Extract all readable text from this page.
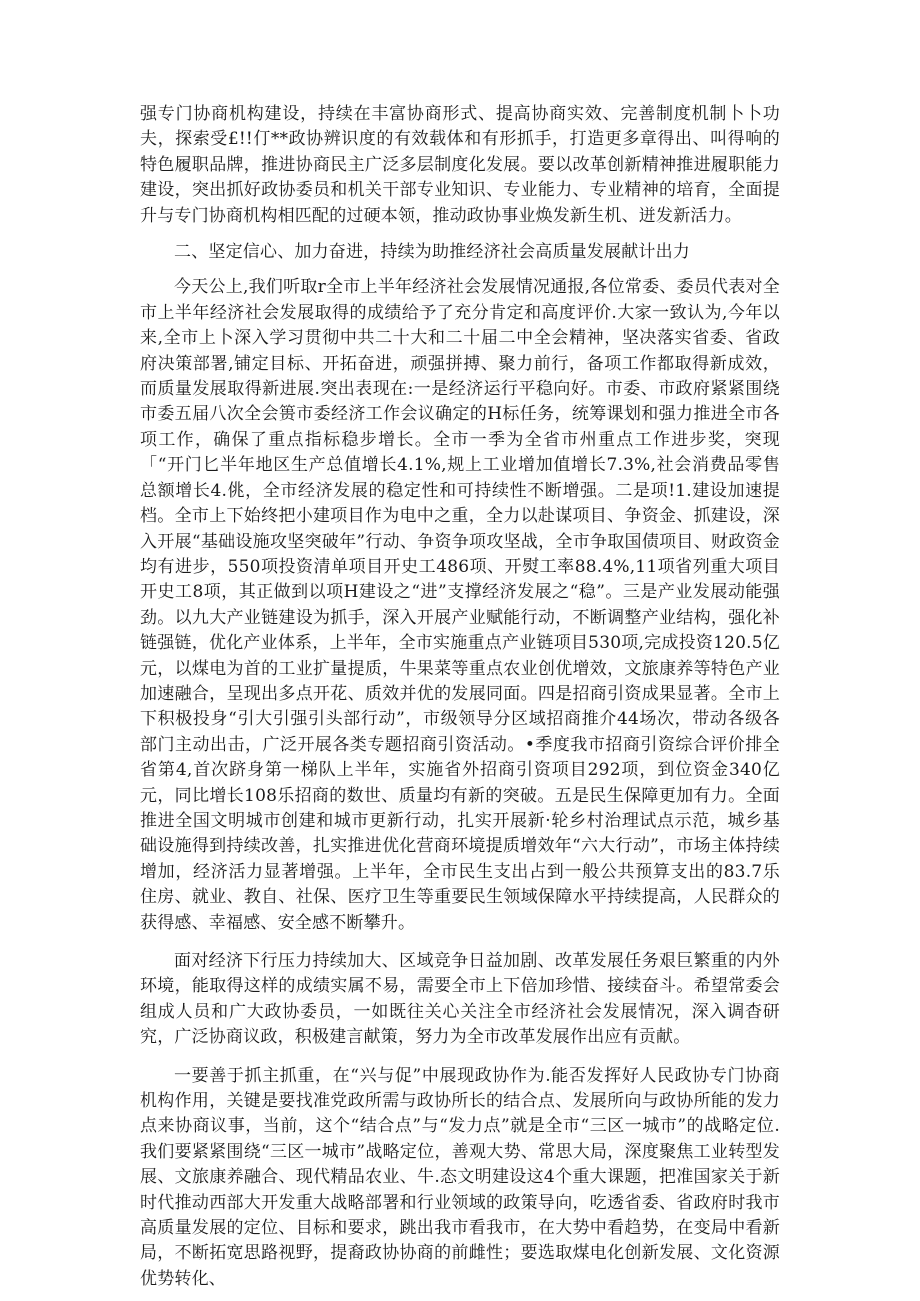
强专门协商机构建设，持续在丰富协商形式、提高协商实效、完善制度机制卜卜功夫，探索受£!!仃**政协辨识度的有效载体和有形抓手，打造更多章得出、叫得响的特色履职品牌，推进协商民主广泛多层制度化发展。要以改革创新精神推进履职能力建设，突出抓好政协委员和机关干部专业知识、专业能力、专业精神的培育，全面提升与专门协商机构相匹配的过硬本领，推动政协事业焕发新生机、迸发新活力。

二、坚定信心、加力奋进，持续为助推经济社会高质量发展献计出力

今天公上,我们听取r全市上半年经济社会发展情况通报,各位常委、委员代表对全市上半年经济社会发展取得的成绩给予了充分肯定和高度评价.大家一致认为,今年以来,全市上卜深入学习贯彻中共二十大和二十届二中全会精神，坚决落实省委、省政府决策部署,铺定目标、开拓奋进，顽强拼搏、聚力前行，备项工作都取得新成效，而质量发展取得新进展.突出表现在:一是经济运行平稳向好。市委、市政府紧紧围绕市委五届八次全会篑市委经济工作会议确定的H标任务，统筹课划和强力推进全市各项工作，确保了重点指标稳步增长。全市一季为全省市州重点工作进步奖，突现「“开门匕半年地区生产总值增长4.1%,规上工业增加值增长7.3%,社会消费品零售总额增长4.佻，全市经济发展的稳定性和可持续性不断增强。二是项!1.建设加速提档。全市上下始终把小建项目作为电中之重，全力以赴谋项目、争资金、抓建设，深入开展“基础设施攻坚突破年”行动、争资争项攻坚战，全市争取国债项目、财政资金均有进步，550项投资清单项目开史工486项、开熨工率88.4%,11项省列重大项目开史工8项，其正做到以项H建设之“进”支撑经济发展之“稳”。三是产业发展动能强劲。以九大产业链建设为抓手，深入开展产业赋能行动，不断调整产业结构，强化补链强链，优化产业体系，上半年，全市实施重点产业链项目530项,完成投资120.5亿元，以煤电为首的工业扩量提质，牛果菜等重点农业创优增效，文旅康养等特色产业加速融合，呈现出多点开花、质效并优的发展同面。四是招商引资成果显著。全市上下积极投身“引大引强引头部行动”，市级领导分区域招商推介44场次，带动各级各部门主动出击，广泛开展各类专题招商引资活动。•季度我市招商引资综合评价排全省第4,首次跻身第一梯队上半年，实施省外招商引资项目292项，到位资金340亿元，同比增长108乐招商的数世、质量均有新的突破。五是民生保障更加有力。全面推进全国文明城市创建和城市更新行动，扎实开展新·轮乡村治理试点示范，城乡基础设施得到持续改善，扎实推进优化营商环境提质增效年“六大行动”，市场主体持续增加，经济活力显著增强。上半年，全市民生支出占到一般公共预算支出的83.7乐住房、就业、教自、社保、医疗卫生等重要民生领域保障水平持续提高，人民群众的获得感、幸福感、安全感不断攀升。

面对经济下行压力持续加大、区域竞争日益加剧、改革发展任务艰巨繁重的内外环境，能取得这样的成绩实属不易，需要全市上下倍加珍惜、接续奋斗。希望常委会组成人员和广大政协委员，一如既往关心关注全市经济社会发展情况，深入调杳研究，广泛协商议政，积极建言献策，努力为全市改革发展作出应有贡献。

一要善于抓主抓重，在“兴与促”中展现政协作为.能否发挥好人民政协专门协商机构作用，关键是要找准党政所需与政协所长的结合点、发展所向与政协所能的发力点来协商议事，当前，这个“结合点”与“发力点”就是全市“三区一城市”的战略定位.我们要紧紧围绕“三区一城市”战略定位，善观大势、常思大局，深度聚焦工业转型发展、文旅康养融合、现代精品农业、牛.态文明建设这4个重大课题，把准国家关于新时代推动西部大开发重大战略部署和行业领域的政策导向，吃透省委、省政府时我市高质量发展的定位、目标和要求，跳出我市看我市，在大势中看趋势，在变局中看新局，不断拓宽思路视野，提裔政协协商的前雌性；要选取煤电化创新发展、文化资源优势转化、
